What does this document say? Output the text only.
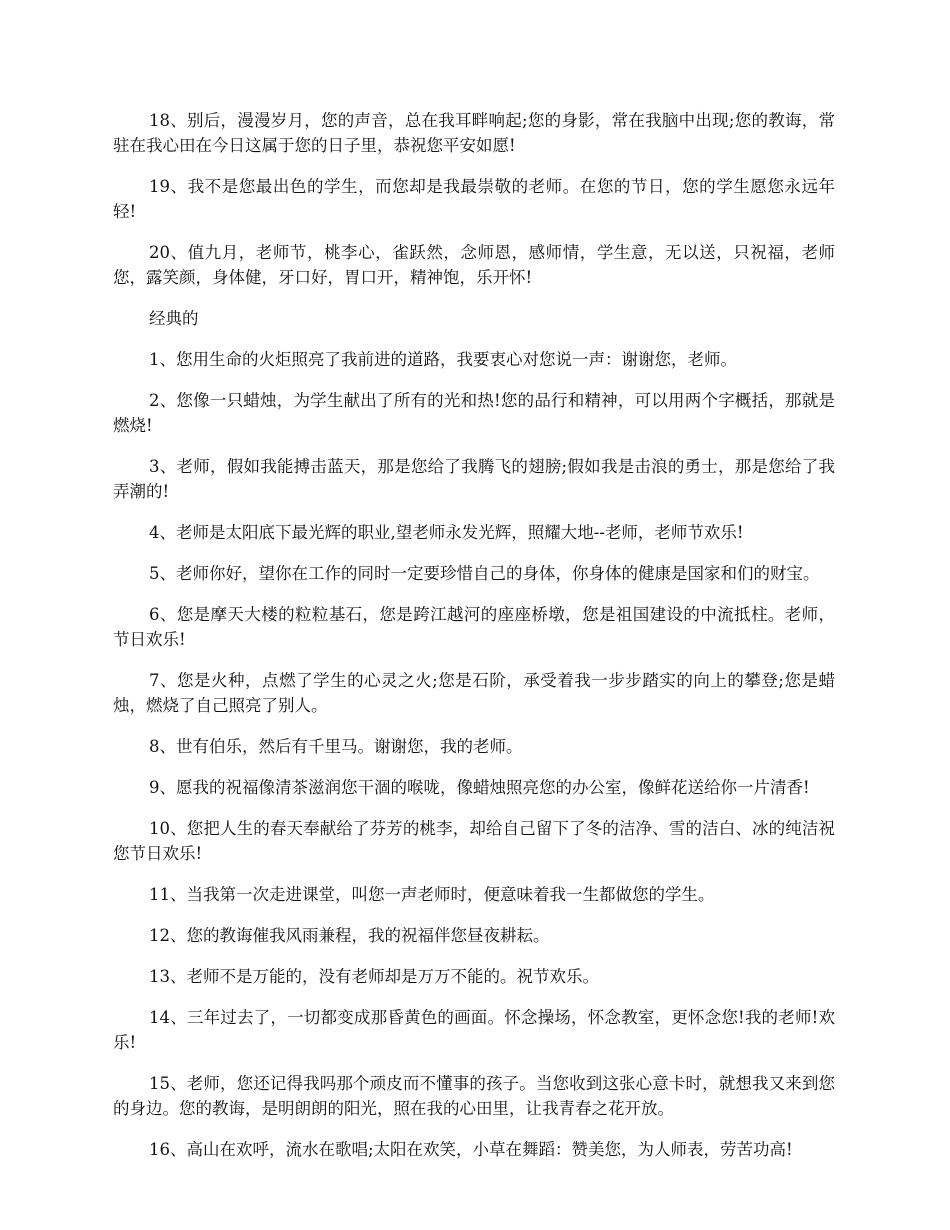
18、别后，漫漫岁月，您的声音，总在我耳畔响起;您的身影，常在我脑中出现;您的教诲，常驻在我心田在今日这属于您的日子里，恭祝您平安如愿!

19、我不是您最出色的学生，而您却是我最崇敬的老师。在您的节日，您的学生愿您永远年轻!

20、值九月，老师节，桃李心，雀跃然，念师恩，感师情，学生意，无以送，只祝福，老师您，露笑颜，身体健，牙口好，胃口开，精神饱，乐开怀!

经典的

1、您用生命的火炬照亮了我前进的道路，我要衷心对您说一声：谢谢您，老师。

2、您像一只蜡烛，为学生献出了所有的光和热!您的品行和精神，可以用两个字概括，那就是燃烧!

3、老师，假如我能搏击蓝天，那是您给了我腾飞的翅膀;假如我是击浪的勇士，那是您给了我弄潮的!

4、老师是太阳底下最光辉的职业,望老师永发光辉，照耀大地--老师，老师节欢乐!

5、老师你好，望你在工作的同时一定要珍惜自己的身体，你身体的健康是国家和们的财宝。

6、您是摩天大楼的粒粒基石，您是跨江越河的座座桥墩，您是祖国建设的中流抵柱。老师，节日欢乐!

7、您是火种，点燃了学生的心灵之火;您是石阶，承受着我一步步踏实的向上的攀登;您是蜡烛，燃烧了自己照亮了别人。

8、世有伯乐，然后有千里马。谢谢您，我的老师。

9、愿我的祝福像清茶滋润您干涸的喉咙，像蜡烛照亮您的办公室，像鲜花送给你一片清香!

10、您把人生的春天奉献给了芬芳的桃李，却给自己留下了冬的洁净、雪的洁白、冰的纯洁祝您节日欢乐!

11、当我第一次走进课堂，叫您一声老师时，便意味着我一生都做您的学生。

12、您的教诲催我风雨兼程，我的祝福伴您昼夜耕耘。

13、老师不是万能的，没有老师却是万万不能的。祝节欢乐。

14、三年过去了，一切都变成那昏黄色的画面。怀念操场，怀念教室，更怀念您!我的老师!欢乐!

15、老师，您还记得我吗那个顽皮而不懂事的孩子。当您收到这张心意卡时，就想我又来到您的身边。您的教诲，是明朗朗的阳光，照在我的心田里，让我青春之花开放。

16、高山在欢呼，流水在歌唱;太阳在欢笑，小草在舞蹈：赞美您，为人师表，劳苦功高!
